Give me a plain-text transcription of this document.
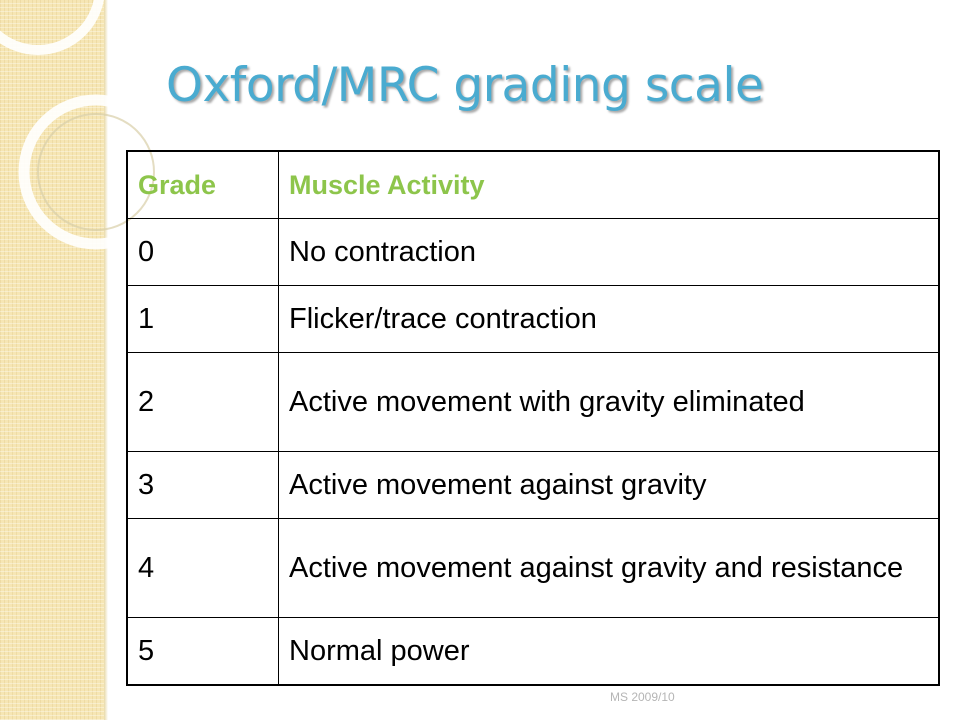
Oxford/MRC grading scale
Grade	Muscle Activity
0	No contraction
1	Flicker/trace contraction
2	Active movement with gravity eliminated
3	Active movement against gravity
4	Active movement against gravity and resistance
5	Normal power
MS 2009/10
